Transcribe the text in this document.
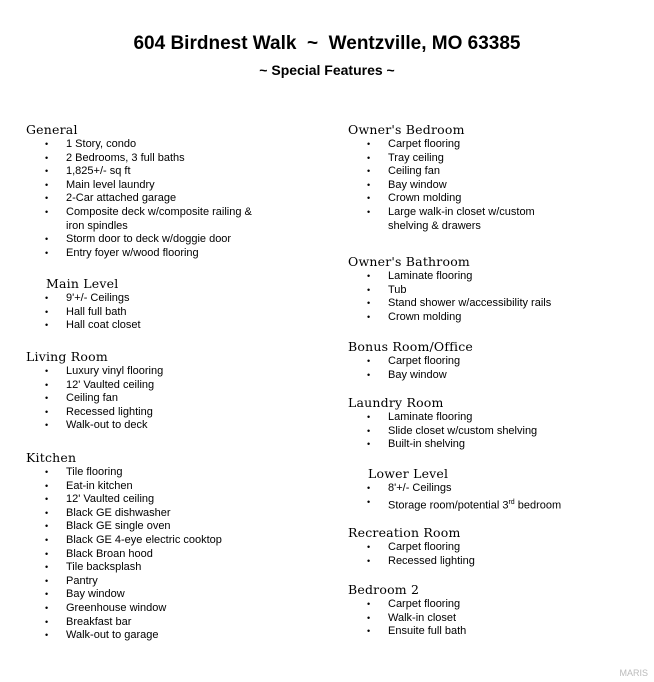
604 Birdnest Walk  ~  Wentzville, MO 63385
~ Special Features ~
General
• 1 Story, condo
• 2 Bedrooms, 3 full baths
• 1,825+/- sq ft
• Main level laundry
• 2-Car attached garage
• Composite deck w/composite railing & iron spindles
• Storm door to deck w/doggie door
• Entry foyer w/wood flooring
Main Level
• 9'+/- Ceilings
• Hall full bath
• Hall coat closet
Living Room
• Luxury vinyl flooring
• 12' Vaulted ceiling
• Ceiling fan
• Recessed lighting
• Walk-out to deck
Kitchen
• Tile flooring
• Eat-in kitchen
• 12' Vaulted ceiling
• Black GE dishwasher
• Black GE single oven
• Black GE 4-eye electric cooktop
• Black Broan hood
• Tile backsplash
• Pantry
• Bay window
• Greenhouse window
• Breakfast bar
• Walk-out to garage
Owner's Bedroom
• Carpet flooring
• Tray ceiling
• Ceiling fan
• Bay window
• Crown molding
• Large walk-in closet w/custom shelving & drawers
Owner's Bathroom
• Laminate flooring
• Tub
• Stand shower w/accessibility rails
• Crown molding
Bonus Room/Office
• Carpet flooring
• Bay window
Laundry Room
• Laminate flooring
• Slide closet w/custom shelving
• Built-in shelving
Lower Level
• 8'+/- Ceilings
• Storage room/potential 3rd bedroom
Recreation Room
• Carpet flooring
• Recessed lighting
Bedroom 2
• Carpet flooring
• Walk-in closet
• Ensuite full bath
MARIS
